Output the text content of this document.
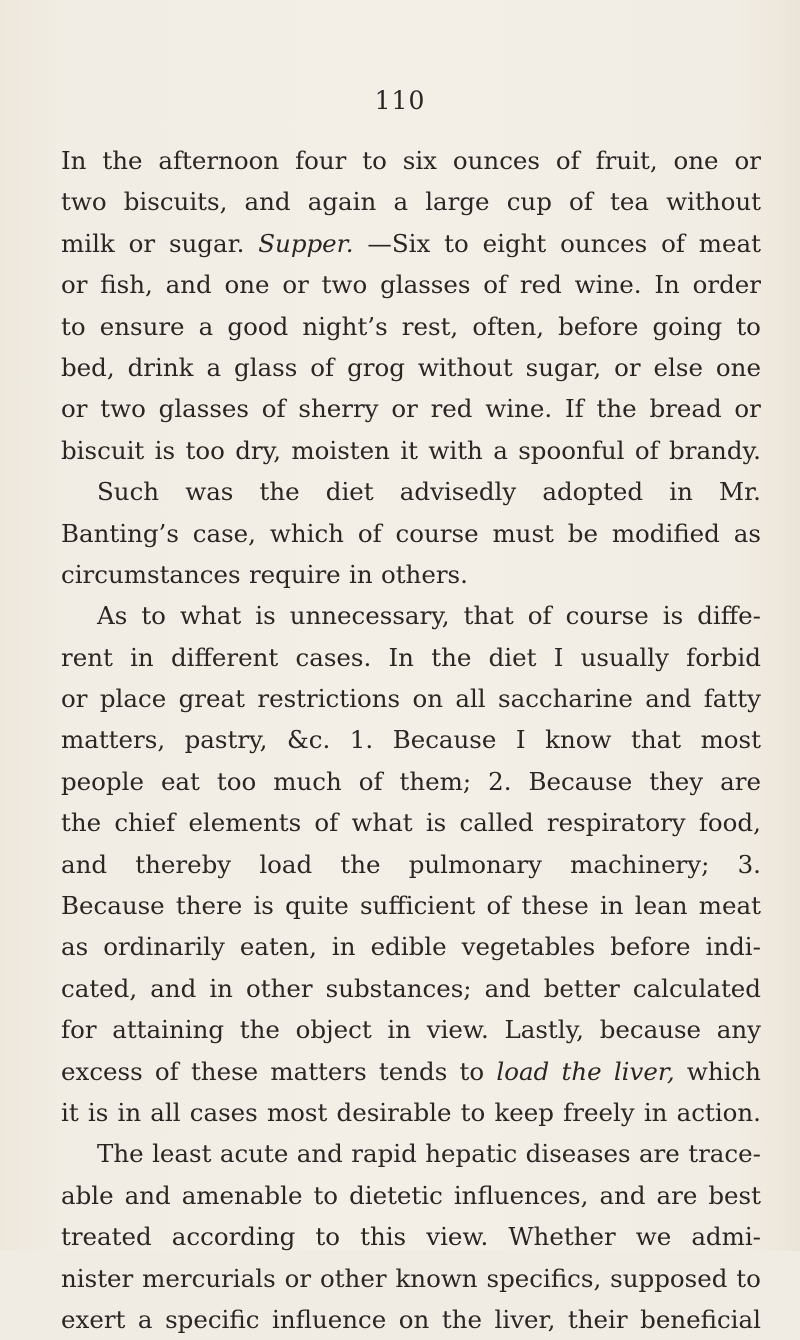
110
In the afternoon four to six ounces of fruit, one or
two biscuits, and again a large cup of tea without
milk or sugar. Supper. —Six to eight ounces of meat
or fish, and one or two glasses of red wine. In order
to ensure a good night’s rest, often, before going to
bed, drink a glass of grog without sugar, or else one
or two glasses of sherry or red wine. If the bread or
biscuit is too dry, moisten it with a spoonful of brandy.
Such was the diet advisedly adopted in Mr.
Banting’s case, which of course must be modified as
circumstances require in others.
As to what is unnecessary, that of course is diffe-
rent in different cases. In the diet I usually forbid
or place great restrictions on all saccharine and fatty
matters, pastry, &c. 1. Because I know that most
people eat too much of them; 2. Because they are
the chief elements of what is called respiratory food,
and thereby load the pulmonary machinery; 3.
Because there is quite sufficient of these in lean meat
as ordinarily eaten, in edible vegetables before indi-
cated, and in other substances; and better calculated
for attaining the object in view. Lastly, because any
excess of these matters tends to load the liver, which
it is in all cases most desirable to keep freely in action.
The least acute and rapid hepatic diseases are trace-
able and amenable to dietetic influences, and are best
treated according to this view. Whether we admi-
nister mercurials or other known specifics, supposed to
exert a specific influence on the liver, their beneficial
